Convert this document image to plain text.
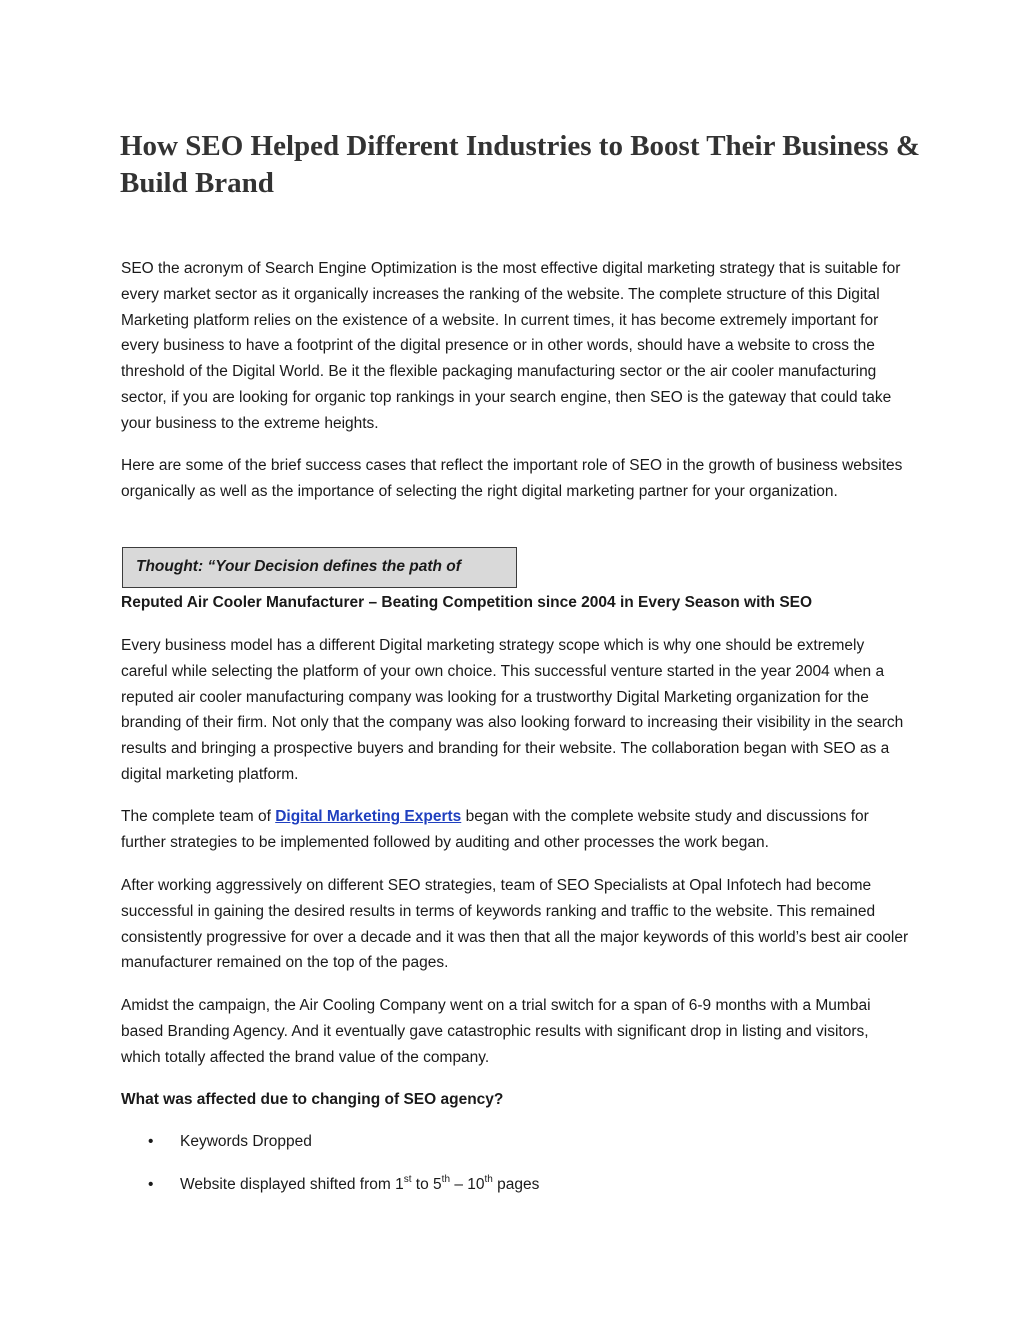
How SEO Helped Different Industries to Boost Their Business & Build Brand

SEO the acronym of Search Engine Optimization is the most effective digital marketing strategy that is suitable for every market sector as it organically increases the ranking of the website. The complete structure of this Digital Marketing platform relies on the existence of a website. In current times, it has become extremely important for every business to have a footprint of the digital presence or in other words, should have a website to cross the threshold of the Digital World. Be it the flexible packaging manufacturing sector or the air cooler manufacturing sector, if you are looking for organic top rankings in your search engine, then SEO is the gateway that could take your business to the extreme heights.

Here are some of the brief success cases that reflect the important role of SEO in the growth of business websites organically as well as the importance of selecting the right digital marketing partner for your organization.

Thought: “Your Decision defines the path of

Reputed Air Cooler Manufacturer – Beating Competition since 2004 in Every Season with SEO

Every business model has a different Digital marketing strategy scope which is why one should be extremely careful while selecting the platform of your own choice. This successful venture started in the year 2004 when a reputed air cooler manufacturing company was looking for a trustworthy Digital Marketing organization for the branding of their firm. Not only that the company was also looking forward to increasing their visibility in the search results and bringing a prospective buyers and branding for their website. The collaboration began with SEO as a digital marketing platform.

The complete team of Digital Marketing Experts began with the complete website study and discussions for further strategies to be implemented followed by auditing and other processes the work began.

After working aggressively on different SEO strategies, team of SEO Specialists at Opal Infotech had become successful in gaining the desired results in terms of keywords ranking and traffic to the website. This remained consistently progressive for over a decade and it was then that all the major keywords of this world’s best air cooler manufacturer remained on the top of the pages.

Amidst the campaign, the Air Cooling Company went on a trial switch for a span of 6-9 months with a Mumbai based Branding Agency. And it eventually gave catastrophic results with significant drop in listing and visitors, which totally affected the brand value of the company.

What was affected due to changing of SEO agency?

•	Keywords Dropped
•	Website displayed shifted from 1st to 5th – 10th pages
